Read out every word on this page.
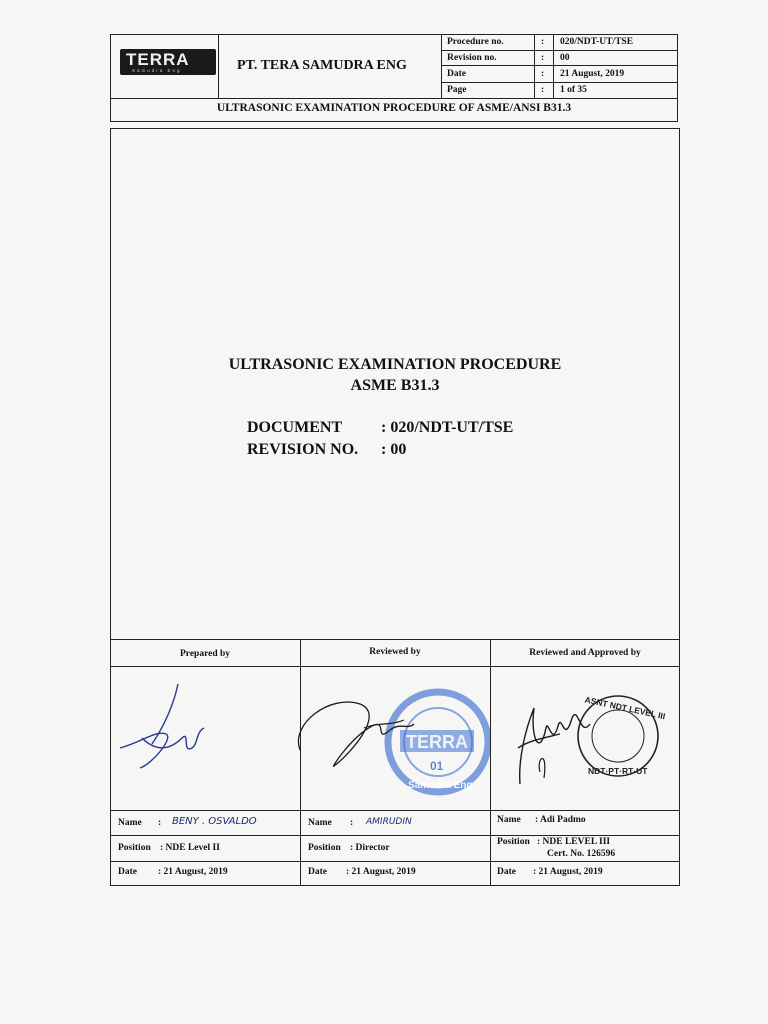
TERRA
Samudra Eng	PT. TERA SAMUDRA ENG
Procedure no.	: 020/NDT-UT/TSE
Revision no.	: 00
Date	: 21 August, 2019
Page	: 1 of 35
ULTRASONIC EXAMINATION PROCEDURE OF ASME/ANSI B31.3
ULTRASONIC EXAMINATION PROCEDURE
ASME B31.3
DOCUMENT : 020/NDT-UT/TSE
REVISION NO. : 00
Prepared by
Name : BENY . OSVALDO
Position : NDE Level II
Date : 21 August, 2019
Reviewed by
TERRA
01
Samudra Eng
Name : AMIRUDIN
Position : Director
Date : 21 August, 2019
Reviewed and Approved by
ASNT NDT LEVEL III
NDT·PT·RT·UT
Name : Adi Padmo
Position : NDE LEVEL III
Cert. No. 126596
Date : 21 August, 2019
